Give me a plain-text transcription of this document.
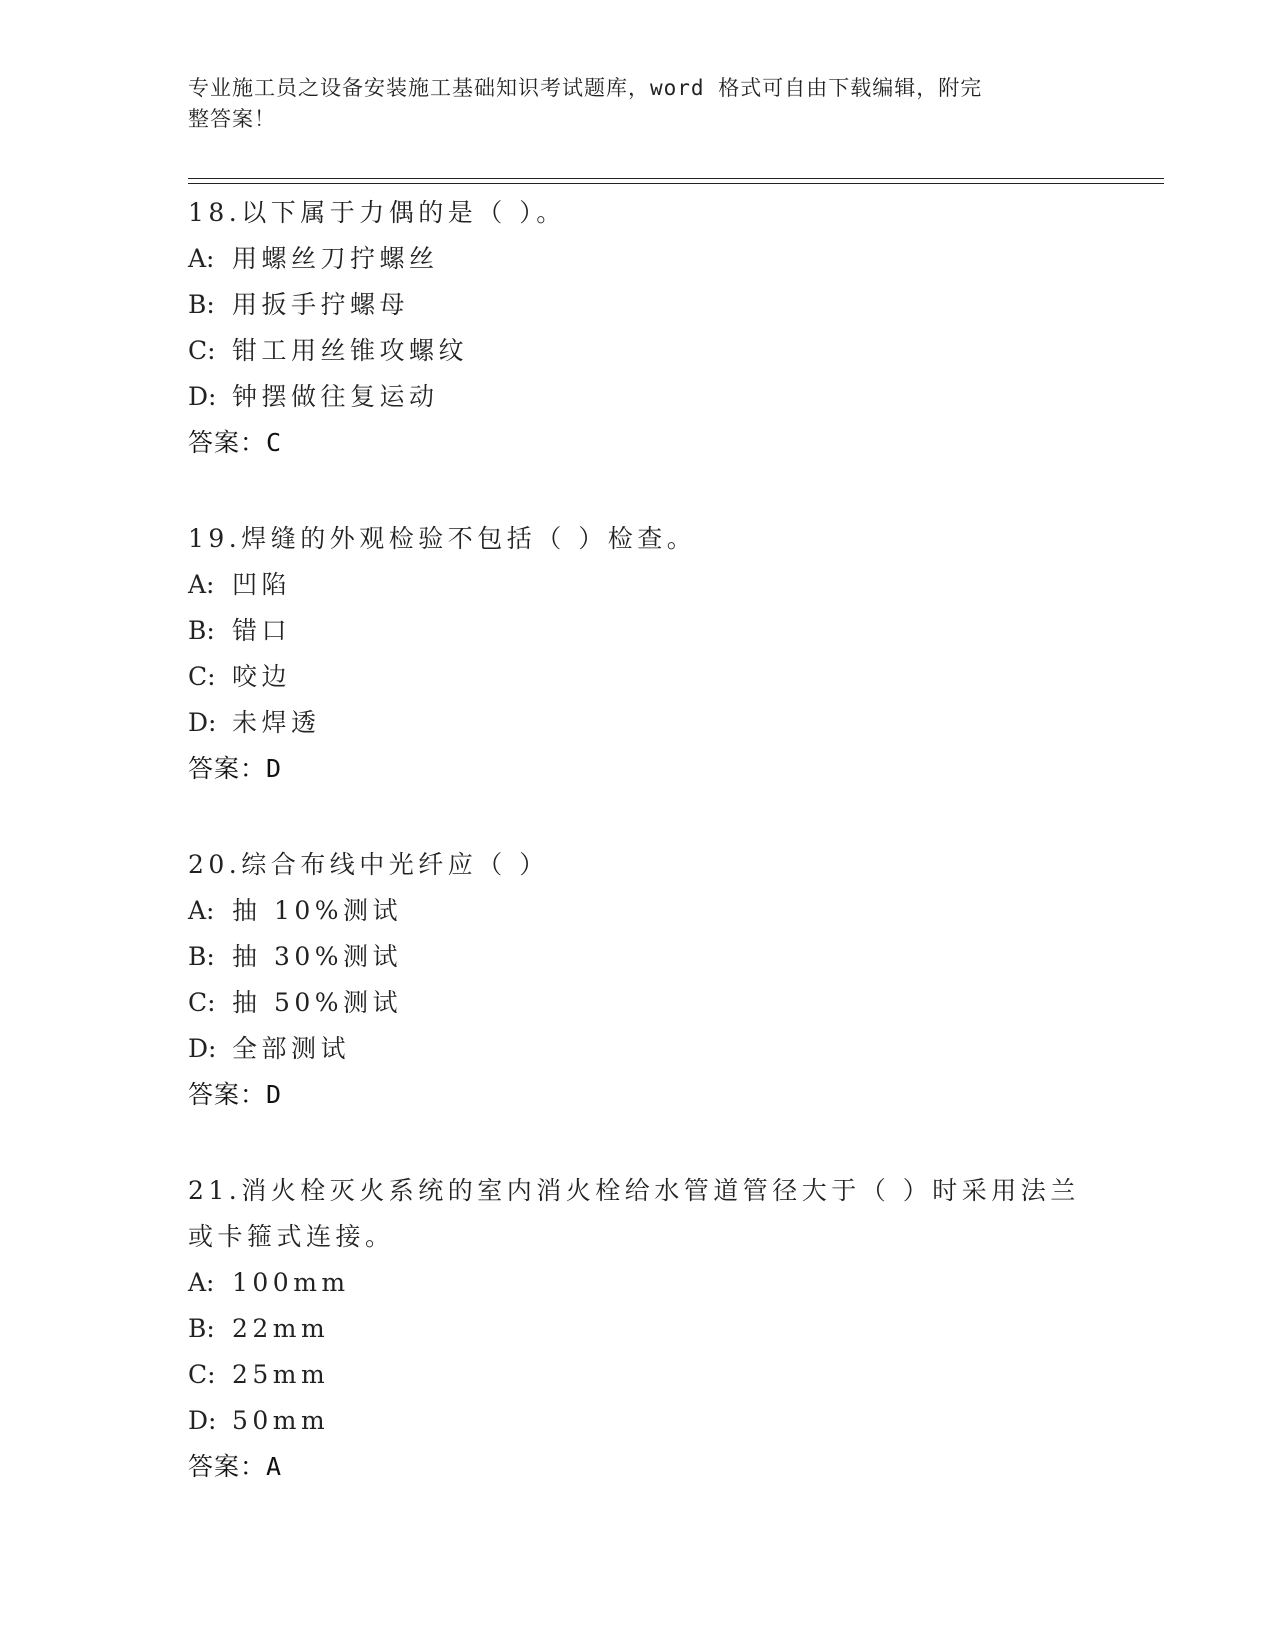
专业施工员之设备安装施工基础知识考试题库，word 格式可自由下载编辑，附完
整答案！

18.以下属于力偶的是（ ）。

A: 用螺丝刀拧螺丝

B: 用扳手拧螺母

C: 钳工用丝锥攻螺纹

D: 钟摆做往复运动

答案：C

19.焊缝的外观检验不包括（ ）检查。

A: 凹陷

B: 错口

C: 咬边

D: 未焊透

答案：D

20.综合布线中光纤应（ ）

A: 抽 10%测试

B: 抽 30%测试

C: 抽 50%测试

D: 全部测试

答案：D

21.消火栓灭火系统的室内消火栓给水管道管径大于（ ）时采用法兰

或卡箍式连接。

A: 100mm

B: 22mm

C: 25mm

D: 50mm

答案：A
